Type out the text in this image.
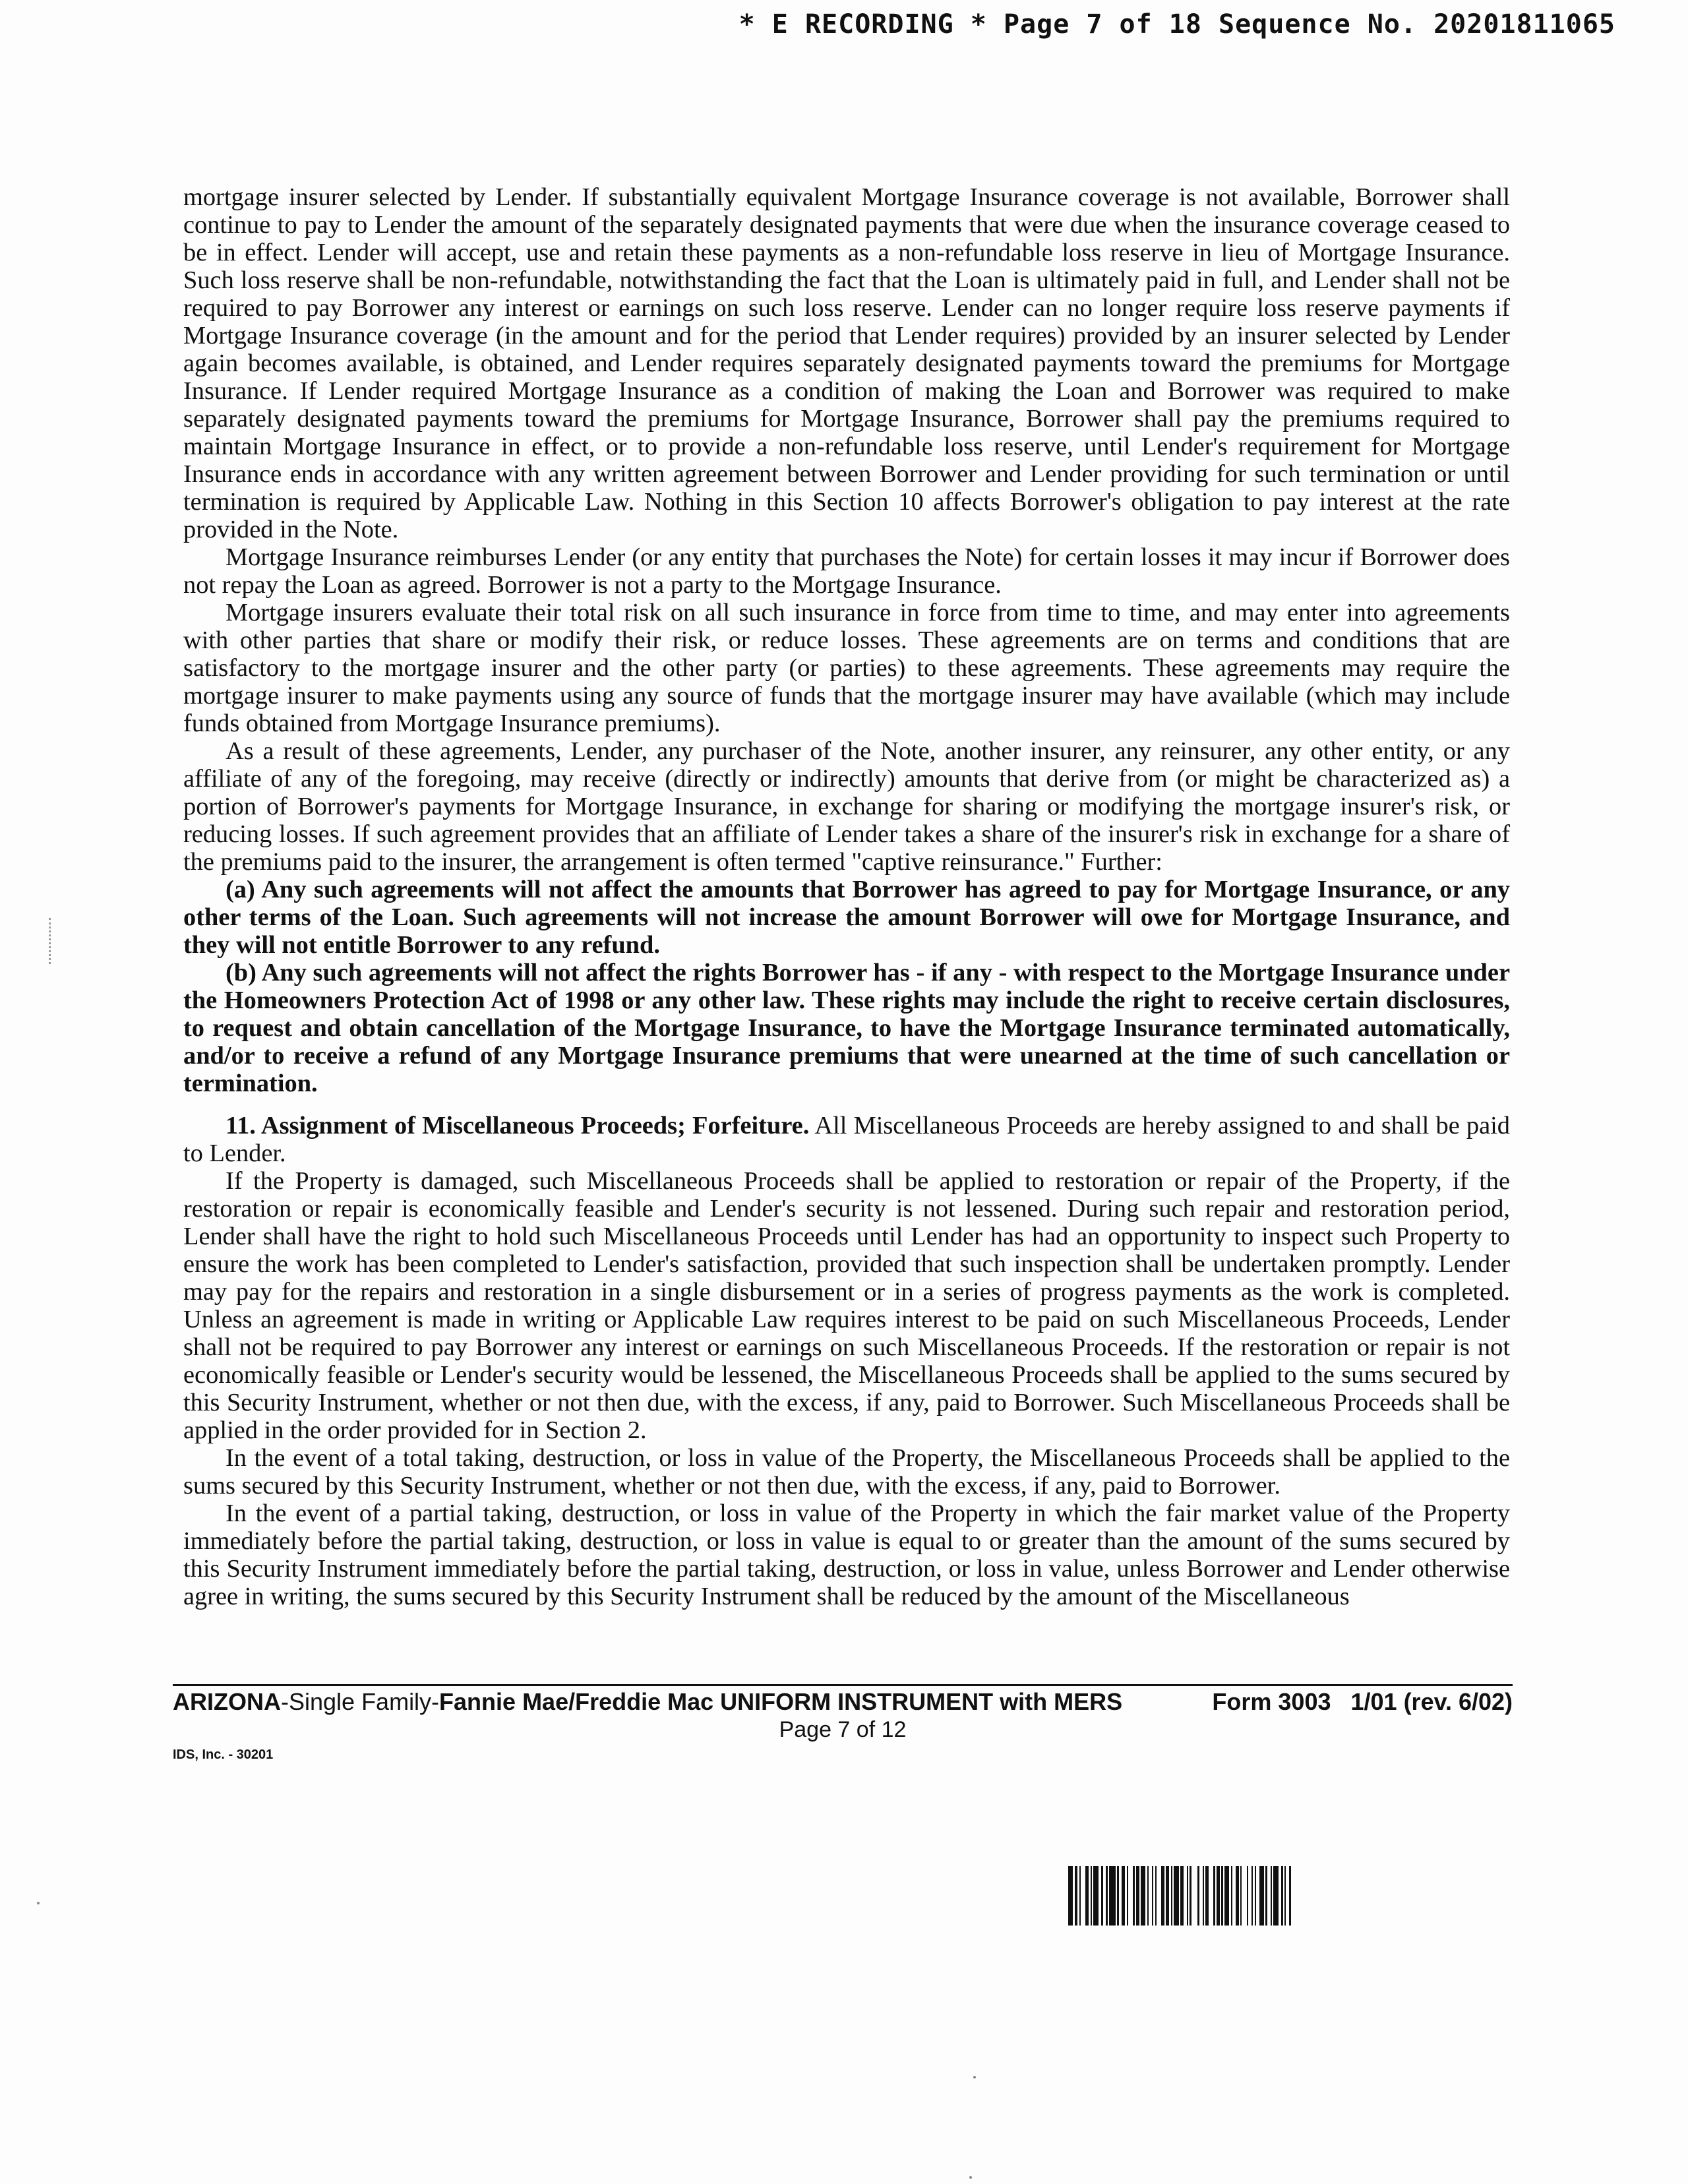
* E RECORDING * Page 7 of 18 Sequence No. 20201811065

mortgage insurer selected by Lender. If substantially equivalent Mortgage Insurance coverage is not available, Borrower shall continue to pay to Lender the amount of the separately designated payments that were due when the insurance coverage ceased to be in effect. Lender will accept, use and retain these payments as a non-refundable loss reserve in lieu of Mortgage Insurance. Such loss reserve shall be non-refundable, notwithstanding the fact that the Loan is ultimately paid in full, and Lender shall not be required to pay Borrower any interest or earnings on such loss reserve. Lender can no longer require loss reserve payments if Mortgage Insurance coverage (in the amount and for the period that Lender requires) provided by an insurer selected by Lender again becomes available, is obtained, and Lender requires separately designated payments toward the premiums for Mortgage Insurance. If Lender required Mortgage Insurance as a condition of making the Loan and Borrower was required to make separately designated payments toward the premiums for Mortgage Insurance, Borrower shall pay the premiums required to maintain Mortgage Insurance in effect, or to provide a non-refundable loss reserve, until Lender's requirement for Mortgage Insurance ends in accordance with any written agreement between Borrower and Lender providing for such termination or until termination is required by Applicable Law. Nothing in this Section 10 affects Borrower's obligation to pay interest at the rate provided in the Note.

Mortgage Insurance reimburses Lender (or any entity that purchases the Note) for certain losses it may incur if Borrower does not repay the Loan as agreed. Borrower is not a party to the Mortgage Insurance.

Mortgage insurers evaluate their total risk on all such insurance in force from time to time, and may enter into agreements with other parties that share or modify their risk, or reduce losses. These agreements are on terms and conditions that are satisfactory to the mortgage insurer and the other party (or parties) to these agreements. These agreements may require the mortgage insurer to make payments using any source of funds that the mortgage insurer may have available (which may include funds obtained from Mortgage Insurance premiums).

As a result of these agreements, Lender, any purchaser of the Note, another insurer, any reinsurer, any other entity, or any affiliate of any of the foregoing, may receive (directly or indirectly) amounts that derive from (or might be characterized as) a portion of Borrower's payments for Mortgage Insurance, in exchange for sharing or modifying the mortgage insurer's risk, or reducing losses. If such agreement provides that an affiliate of Lender takes a share of the insurer's risk in exchange for a share of the premiums paid to the insurer, the arrangement is often termed "captive reinsurance." Further:

(a) Any such agreements will not affect the amounts that Borrower has agreed to pay for Mortgage Insurance, or any other terms of the Loan. Such agreements will not increase the amount Borrower will owe for Mortgage Insurance, and they will not entitle Borrower to any refund.

(b) Any such agreements will not affect the rights Borrower has - if any - with respect to the Mortgage Insurance under the Homeowners Protection Act of 1998 or any other law. These rights may include the right to receive certain disclosures, to request and obtain cancellation of the Mortgage Insurance, to have the Mortgage Insurance terminated automatically, and/or to receive a refund of any Mortgage Insurance premiums that were unearned at the time of such cancellation or termination.

11. Assignment of Miscellaneous Proceeds; Forfeiture. All Miscellaneous Proceeds are hereby assigned to and shall be paid to Lender.

If the Property is damaged, such Miscellaneous Proceeds shall be applied to restoration or repair of the Property, if the restoration or repair is economically feasible and Lender's security is not lessened. During such repair and restoration period, Lender shall have the right to hold such Miscellaneous Proceeds until Lender has had an opportunity to inspect such Property to ensure the work has been completed to Lender's satisfaction, provided that such inspection shall be undertaken promptly. Lender may pay for the repairs and restoration in a single disbursement or in a series of progress payments as the work is completed. Unless an agreement is made in writing or Applicable Law requires interest to be paid on such Miscellaneous Proceeds, Lender shall not be required to pay Borrower any interest or earnings on such Miscellaneous Proceeds. If the restoration or repair is not economically feasible or Lender's security would be lessened, the Miscellaneous Proceeds shall be applied to the sums secured by this Security Instrument, whether or not then due, with the excess, if any, paid to Borrower. Such Miscellaneous Proceeds shall be applied in the order provided for in Section 2.

In the event of a total taking, destruction, or loss in value of the Property, the Miscellaneous Proceeds shall be applied to the sums secured by this Security Instrument, whether or not then due, with the excess, if any, paid to Borrower.

In the event of a partial taking, destruction, or loss in value of the Property in which the fair market value of the Property immediately before the partial taking, destruction, or loss in value is equal to or greater than the amount of the sums secured by this Security Instrument immediately before the partial taking, destruction, or loss in value, unless Borrower and Lender otherwise agree in writing, the sums secured by this Security Instrument shall be reduced by the amount of the Miscellaneous

ARIZONA-Single Family-Fannie Mae/Freddie Mac UNIFORM INSTRUMENT with MERS	Form 3003   1/01 (rev. 6/02)
Page 7 of 12
IDS, Inc. - 30201
